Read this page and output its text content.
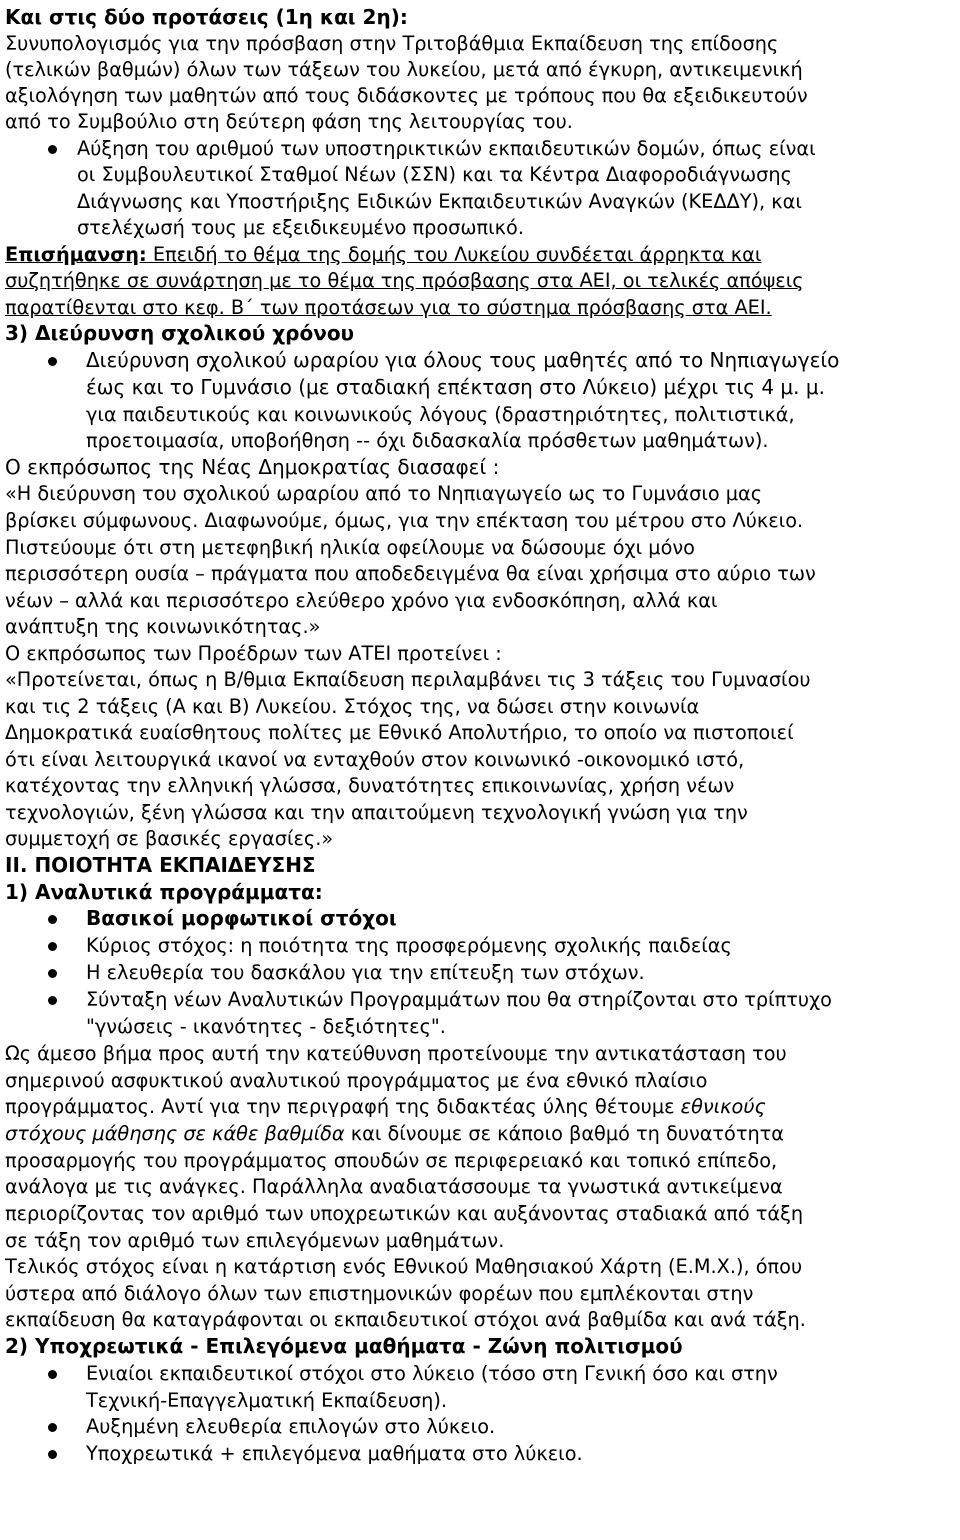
Και στις δύο προτάσεις (1η και 2η):
Συνυπολογισμός για την πρόσβαση στην Τριτοβάθμια Εκπαίδευση της επίδοσης
(τελικών βαθμών) όλων των τάξεων του λυκείου, μετά από έγκυρη, αντικειμενική
αξιολόγηση των μαθητών από τους διδάσκοντες με τρόπους που θα εξειδικευτούν
από το Συμβούλιο στη δεύτερη φάση της λειτουργίας του.
Αύξηση του αριθμού των υποστηρικτικών εκπαιδευτικών δομών, όπως είναι
οι Συμβουλευτικοί Σταθμοί Νέων (ΣΣΝ) και τα Κέντρα Διαφοροδιάγνωσης
Διάγνωσης και Υποστήριξης Ειδικών Εκπαιδευτικών Αναγκών (ΚΕΔΔΥ), και
στελέχωσή τους με εξειδικευμένο προσωπικό.
Επισήμανση: Επειδή το θέμα της δομής του Λυκείου συνδέεται άρρηκτα και
συζητήθηκε σε συνάρτηση με το θέμα της πρόσβασης στα ΑΕΙ, οι τελικές απόψεις
παρατίθενται στο κεφ. Β΄ των προτάσεων για το σύστημα πρόσβασης στα ΑΕΙ.
3) Διεύρυνση σχολικού χρόνου
Διεύρυνση σχολικού ωραρίου για όλους τους μαθητές από το Νηπιαγωγείο
έως και το Γυμνάσιο (με σταδιακή επέκταση στο Λύκειο) μέχρι τις 4 μ. μ.
για παιδευτικούς και κοινωνικούς λόγους (δραστηριότητες, πολιτιστικά,
προετοιμασία, υποβοήθηση -- όχι διδασκαλία πρόσθετων μαθημάτων).
Ο εκπρόσωπος της Νέας Δημοκρατίας διασαφεί :
«Η διεύρυνση του σχολικού ωραρίου από το Νηπιαγωγείο ως το Γυμνάσιο μας
βρίσκει σύμφωνους. Διαφωνούμε, όμως, για την επέκταση του μέτρου στο Λύκειο.
Πιστεύουμε ότι στη μετεφηβική ηλικία οφείλουμε να δώσουμε όχι μόνο
περισσότερη ουσία – πράγματα που αποδεδειγμένα θα είναι χρήσιμα στο αύριο των
νέων – αλλά και περισσότερο ελεύθερο χρόνο για ενδοσκόπηση, αλλά και
ανάπτυξη της κοινωνικότητας.»
Ο εκπρόσωπος των Προέδρων των ΑΤΕΙ προτείνει :
«Προτείνεται, όπως η Β/θμια Εκπαίδευση περιλαμβάνει τις 3 τάξεις του Γυμνασίου
και τις 2 τάξεις (Α και Β) Λυκείου. Στόχος της, να δώσει στην κοινωνία
Δημοκρατικά ευαίσθητους πολίτες με Εθνικό Απολυτήριο, το οποίο να πιστοποιεί
ότι είναι λειτουργικά ικανοί να ενταχθούν στον κοινωνικό -οικονομικό ιστό,
κατέχοντας την ελληνική γλώσσα, δυνατότητες επικοινωνίας, χρήση νέων
τεχνολογιών, ξένη γλώσσα και την απαιτούμενη τεχνολογική γνώση για την
συμμετοχή σε βασικές εργασίες.»
ΙΙ. ΠΟΙΟΤΗΤΑ ΕΚΠΑΙΔΕΥΣΗΣ
1) Αναλυτικά προγράμματα:
Βασικοί μορφωτικοί στόχοι
Κύριος στόχος: η ποιότητα της προσφερόμενης σχολικής παιδείας
Η ελευθερία του δασκάλου για την επίτευξη των στόχων.
Σύνταξη νέων Αναλυτικών Προγραμμάτων που θα στηρίζονται στο τρίπτυχο
"γνώσεις - ικανότητες - δεξιότητες".
Ως άμεσο βήμα προς αυτή την κατεύθυνση προτείνουμε την αντικατάσταση του
σημερινού ασφυκτικού αναλυτικού προγράμματος με ένα εθνικό πλαίσιο
προγράμματος. Αντί για την περιγραφή της διδακτέας ύλης θέτουμε εθνικούς
στόχους μάθησης σε κάθε βαθμίδα και δίνουμε σε κάποιο βαθμό τη δυνατότητα
προσαρμογής του προγράμματος σπουδών σε περιφερειακό και τοπικό επίπεδο,
ανάλογα με τις ανάγκες. Παράλληλα αναδιατάσσουμε τα γνωστικά αντικείμενα
περιορίζοντας τον αριθμό των υποχρεωτικών και αυξάνοντας σταδιακά από τάξη
σε τάξη τον αριθμό των επιλεγόμενων μαθημάτων.
Τελικός στόχος είναι η κατάρτιση ενός Εθνικού Μαθησιακού Χάρτη (Ε.Μ.Χ.), όπου
ύστερα από διάλογο όλων των επιστημονικών φορέων που εμπλέκονται στην
εκπαίδευση θα καταγράφονται οι εκπαιδευτικοί στόχοι ανά βαθμίδα και ανά τάξη.
2) Υποχρεωτικά - Επιλεγόμενα μαθήματα - Ζώνη πολιτισμού
Ενιαίοι εκπαιδευτικοί στόχοι στο λύκειο (τόσο στη Γενική όσο και στην
Τεχνική-Επαγγελματική Εκπαίδευση).
Αυξημένη ελευθερία επιλογών στο λύκειο.
Υποχρεωτικά + επιλεγόμενα μαθήματα στο λύκειο.
